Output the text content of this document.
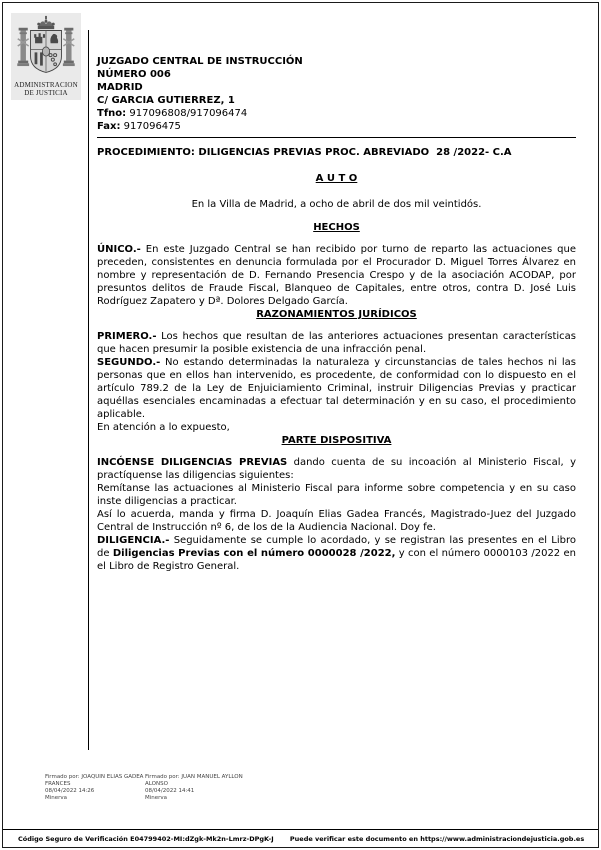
ADMINISTRACION
DE JUSTICIA
JUZGADO CENTRAL DE INSTRUCCIÓN
NÚMERO 006
MADRID
C/ GARCIA GUTIERREZ, 1
Tfno: 917096808/917096474
Fax: 917096475
PROCEDIMIENTO: DILIGENCIAS PREVIAS PROC. ABREVIADO  28 /2022- C.A
A U T O
En la Villa de Madrid, a ocho de abril de dos mil veintidós.
HECHOS

ÚNICO.- En este Juzgado Central se han recibido por turno de reparto las actuaciones que preceden, consistentes en denuncia formulada por el Procurador D. Miguel Torres Álvarez en nombre y representación de D. Fernando Presencia Crespo y de la asociación ACODAP, por presuntos delitos de Fraude Fiscal, Blanqueo de Capitales, entre otros, contra D. José Luis Rodríguez Zapatero y Dª. Dolores Delgado García.

RAZONAMIENTOS JURÍDICOS

PRIMERO.- Los hechos que resultan de las anteriores actuaciones presentan características que hacen presumir la posible existencia de una infracción penal.

SEGUNDO.- No estando determinadas la naturaleza y circunstancias de tales hechos ni las personas que en ellos han intervenido, es procedente, de conformidad con lo dispuesto en el artículo 789.2 de la Ley de Enjuiciamiento Criminal, instruir Diligencias Previas y practicar aquéllas esenciales encaminadas a efectuar tal determinación y en su caso, el procedimiento aplicable.

En atención a lo expuesto,

PARTE DISPOSITIVA

INCÓENSE DILIGENCIAS PREVIAS dando cuenta de su incoación al Ministerio Fiscal, y practíquense las diligencias siguientes:

Remítanse las actuaciones al Ministerio Fiscal para informe sobre competencia y en su caso inste diligencias a practicar.

Así lo acuerda, manda y firma D. Joaquín Elias Gadea Francés, Magistrado-Juez del Juzgado Central de Instrucción nº 6, de los de la Audiencia Nacional. Doy fe.

DILIGENCIA.- Seguidamente se cumple lo acordado, y se registran las presentes en el Libro de Diligencias Previas con el número 0000028 /2022, y con el número 0000103 /2022 en el Libro de Registro General.

Firmado por: JOAQUIN ELIAS GADEA FRANCES
08/04/2022 14:26
Minerva
Firmado por: JUAN MANUEL AYLLON ALONSO
08/04/2022 14:41
Minerva
Código Seguro de Verificación E04799402-MI:dZgk-Mk2n-Lmrz-DPgK-J	Puede verificar este documento en https://www.administraciondejusticia.gob.es
